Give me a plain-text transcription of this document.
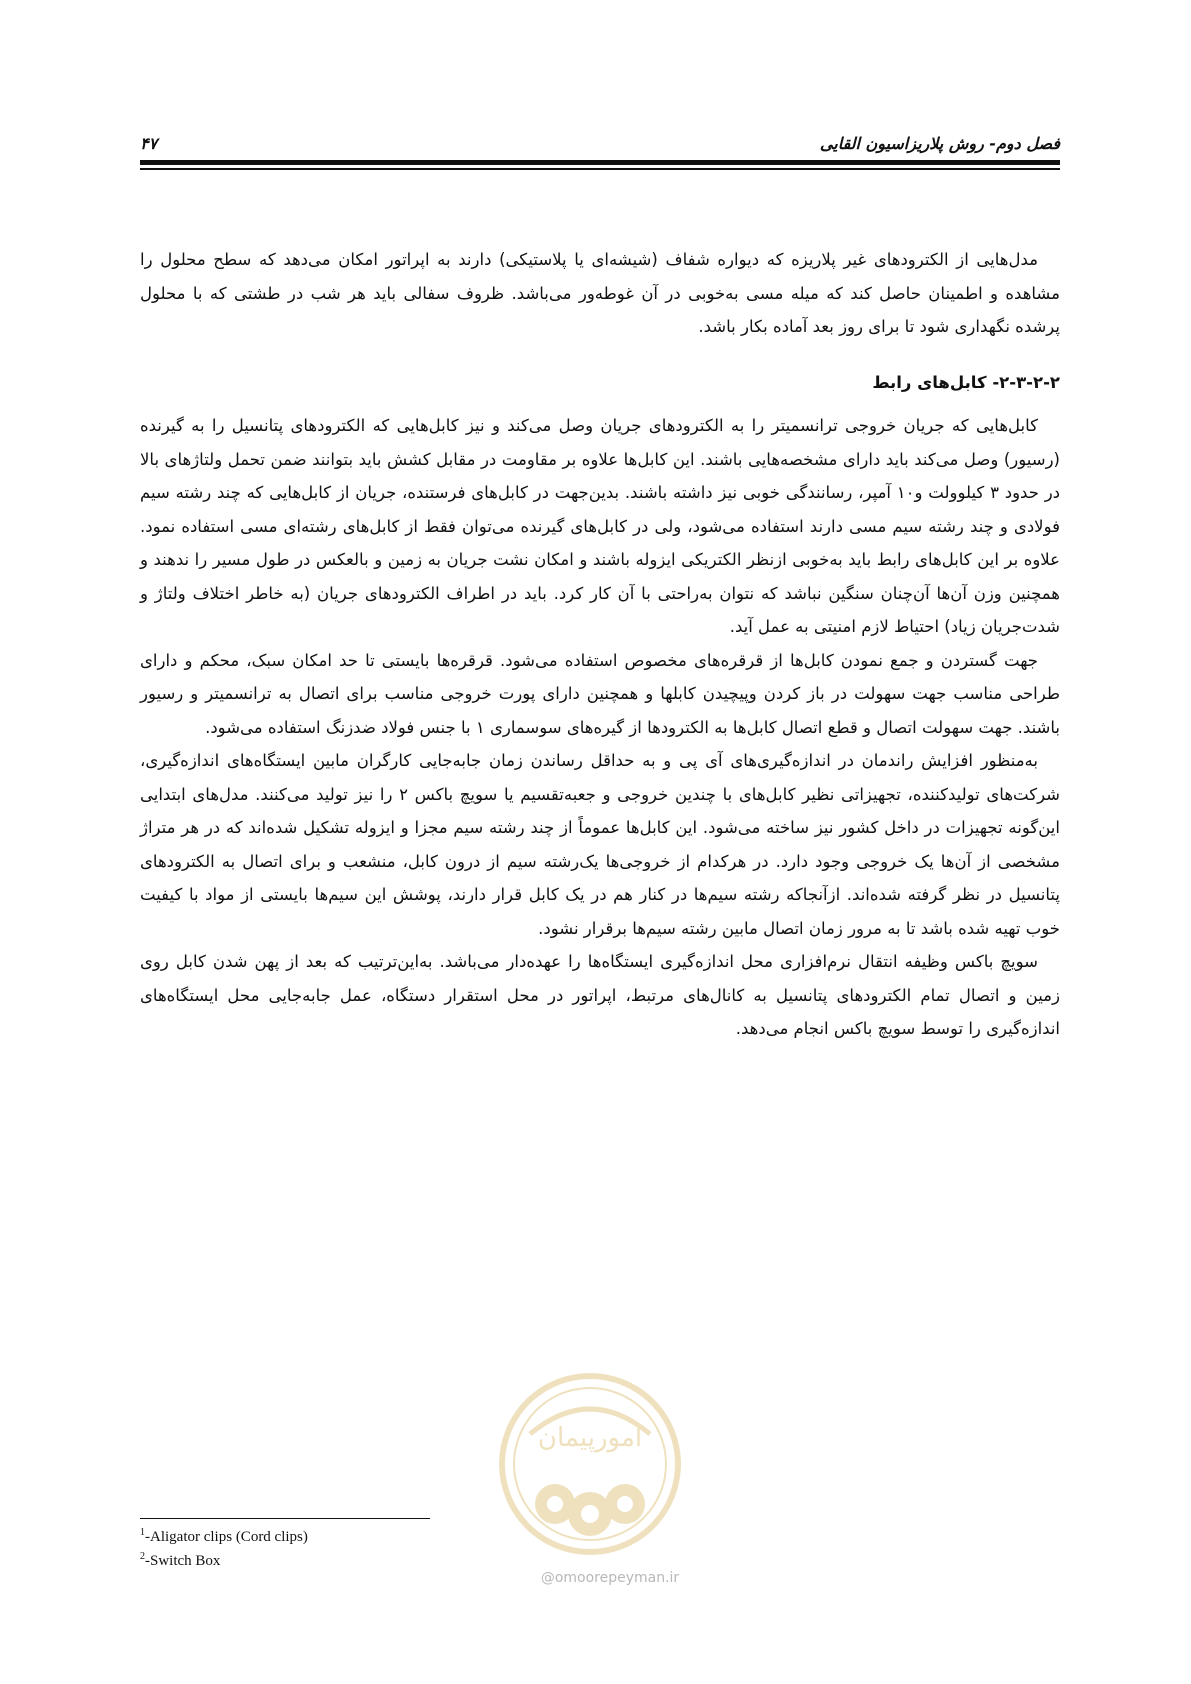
فصل دوم- روش پلاریزاسیون القایی
۴۷

مدل‌هایی از الکترودهای غیر پلاریزه که دیواره شفاف (شیشه‌ای یا پلاستیکی) دارند به اپراتور امکان می‌دهد که سطح محلول را مشاهده و اطمینان حاصل کند که میله مسی به‌خوبی در آن غوطه‌ور می‌باشد. ظروف سفالی باید هر شب در طشتی که با محلول پرشده نگهداری شود تا برای روز بعد آماده بکار باشد.

۲-۳-۲-۲- کابل‌های رابط

کابل‌هایی که جریان خروجی ترانسمیتر را به الکترودهای جریان وصل می‌کند و نیز کابل‌هایی که الکترودهای پتانسیل را به گیرنده (رسیور) وصل می‌کند باید دارای مشخصه‌هایی باشند. این کابل‌ها علاوه بر مقاومت در مقابل کشش باید بتوانند ضمن تحمل ولتاژهای بالا در حدود ۳ کیلوولت و۱۰ آمپر، رسانندگی خوبی نیز داشته باشند. بدین‌جهت در کابل‌های فرستنده، جریان از کابل‌هایی که چند رشته سیم فولادی و چند رشته سیم مسی دارند استفاده می‌شود، ولی در کابل‌های گیرنده می‌توان فقط از کابل‌های رشته‌ای مسی استفاده نمود. علاوه بر این کابل‌های رابط باید به‌خوبی ازنظر الکتریکی ایزوله باشند و امکان نشت جریان به زمین و بالعکس در طول مسیر را ندهند و همچنین وزن آن‌ها آن‌چنان سنگین نباشد که نتوان به‌راحتی با آن کار کرد. باید در اطراف الکترودهای جریان (به خاطر اختلاف ولتاژ و شدت‌جریان زیاد) احتیاط لازم امنیتی به عمل آید.

جهت گستردن و جمع نمودن کابل‌ها از قرقره‌های مخصوص استفاده می‌شود. قرقره‌ها بایستی تا حد امکان سبک، محکم و دارای طراحی مناسب جهت سهولت در باز کردن وپیچیدن کابلها و همچنین دارای پورت خروجی مناسب برای اتصال به ترانسمیتر و رسیور باشند. جهت سهولت اتصال و قطع اتصال کابل‌ها به الکترودها از گیره‌های سوسماری ۱ با جنس فولاد ضدزنگ استفاده می‌شود.

به‌منظور افزایش راندمان در اندازه‌گیری‌های آی پی و به حداقل رساندن زمان جابه‌جایی کارگران مابین ایستگاه‌های اندازه‌گیری، شرکت‌های تولیدکننده، تجهیزاتی نظیر کابل‌های با چندین خروجی و جعبه‌تقسیم یا سویچ باکس ۲ را نیز تولید می‌کنند. مدل‌های ابتدایی این‌گونه تجهیزات در داخل کشور نیز ساخته می‌شود. این کابل‌ها عموماً از چند رشته سیم مجزا و ایزوله تشکیل شده‌اند که در هر متراژ مشخصی از آن‌ها یک خروجی وجود دارد. در هرکدام از خروجی‌ها یک‌رشته سیم از درون کابل، منشعب و برای اتصال به الکترودهای پتانسیل در نظر گرفته شده‌اند. ازآنجاکه رشته سیم‌ها در کنار هم در یک کابل قرار دارند، پوشش این سیم‌ها بایستی از مواد با کیفیت خوب تهیه شده باشد تا به مرور زمان اتصال مابین رشته سیم‌ها برقرار نشود.

سویچ باکس وظیفه انتقال نرم‌افزاری محل اندازه‌گیری ایستگاه‌ها را عهده‌دار می‌باشد. به‌این‌ترتیب که بعد از پهن شدن کابل روی زمین و اتصال تمام الکترودهای پتانسیل به کانال‌های مرتبط، اپراتور در محل استقرار دستگاه، عمل جابه‌جایی محل ایستگاه‌های اندازه‌گیری را توسط سویچ باکس انجام می‌دهد.

امورپیمان
@omoorepeyman.ir
$^1$-Aligator clips (Cord clips)
$^2$-Switch Box
